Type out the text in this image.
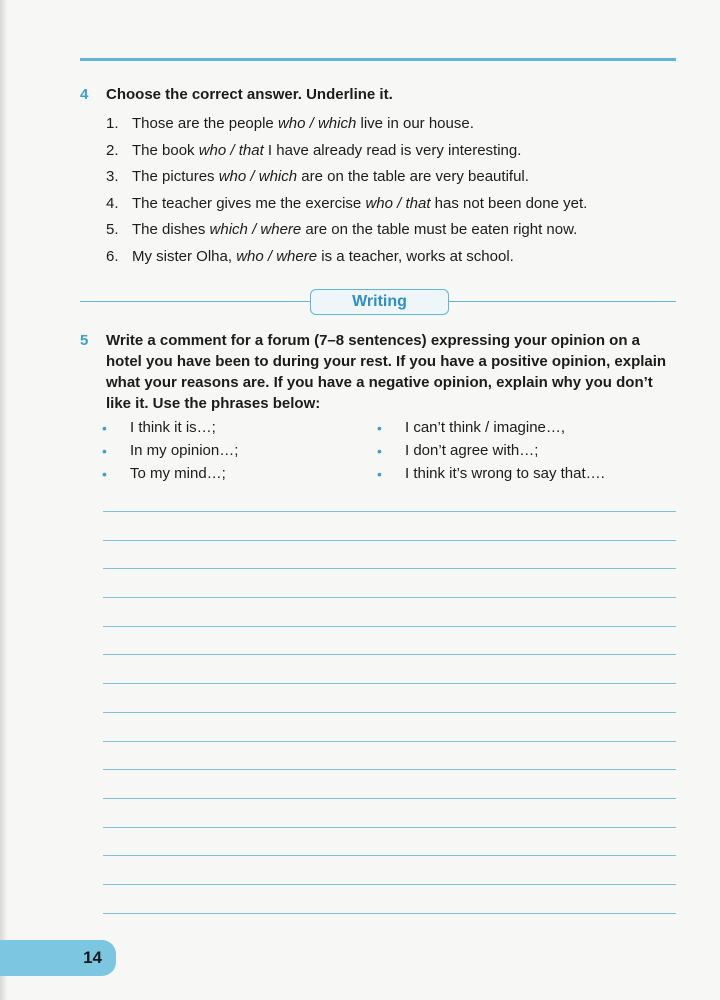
4	Choose the correct answer. Underline it.
1. Those are the people who / which live in our house.
2. The book who / that I have already read is very interesting.
3. The pictures who / which are on the table are very beautiful.
4. The teacher gives me the exercise who / that has not been done yet.
5. The dishes which / where are on the table must be eaten right now.
6. My sister Olha, who / where is a teacher, works at school.
Writing
5	Write a comment for a forum (7–8 sentences) expressing your opinion on a hotel you have been to during your rest. If you have a positive opinion, explain what your reasons are. If you have a negative opinion, explain why you don’t like it. Use the phrases below:
•	I think it is…;	•	I can’t think / imagine…,
•	In my opinion…;	•	I don’t agree with…;
•	To my mind…;	•	I think it’s wrong to say that….
14
